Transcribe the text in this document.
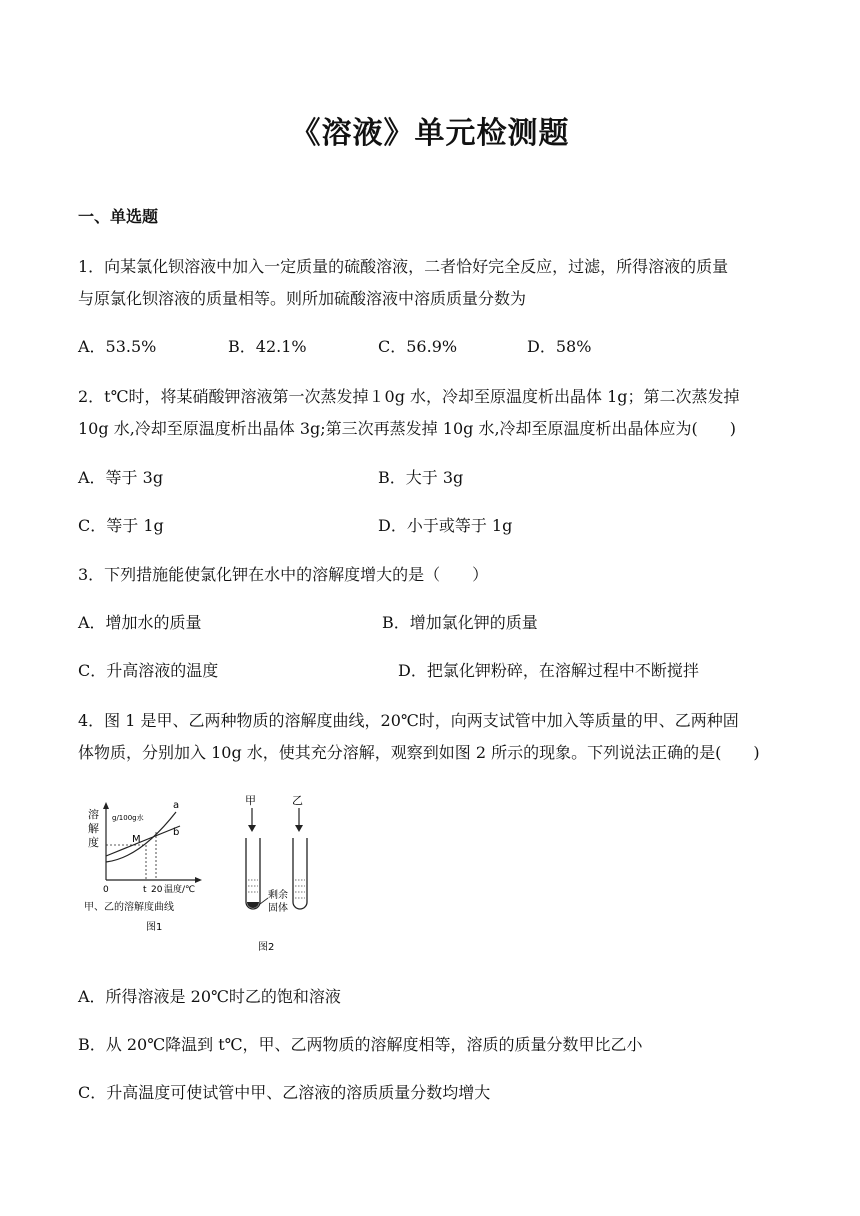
《溶液》单元检测题
一、单选题
1．向某氯化钡溶液中加入一定质量的硫酸溶液，二者恰好完全反应，过滤，所得溶液的质量
与原氯化钡溶液的质量相等。则所加硫酸溶液中溶质质量分数为
A．53.5%	B．42.1%	C．56.9%	D．58%
2．t℃时，将某硝酸钾溶液第一次蒸发掉１0g 水，冷却至原温度析出晶体 1g；第二次蒸发掉
10g 水,冷却至原温度析出晶体 3g;第三次再蒸发掉 10g 水,冷却至原温度析出晶体应为(　　)
A．等于 3g	B．大于 3g
C．等于 1g	D．小于或等于 1g
3．下列措施能使氯化钾在水中的溶解度增大的是（　　）
A．增加水的质量	B．增加氯化钾的质量
C．升高溶液的温度	D．把氯化钾粉碎，在溶解过程中不断搅拌
4．图 1 是甲、乙两种物质的溶解度曲线，20℃时，向两支试管中加入等质量的甲、乙两种固
体物质，分别加入 10g 水，使其充分溶解，观察到如图 2 所示的现象。下列说法正确的是(　　)
溶
解
度
g/100g水
a
b
M
0	t 20 温度/℃
甲、乙的溶解度曲线
图1
甲	乙
剩余
固体
图2
A．所得溶液是 20℃时乙的饱和溶液
B．从 20℃降温到 t℃，甲、乙两物质的溶解度相等，溶质的质量分数甲比乙小
C．升高温度可使试管中甲、乙溶液的溶质质量分数均增大
